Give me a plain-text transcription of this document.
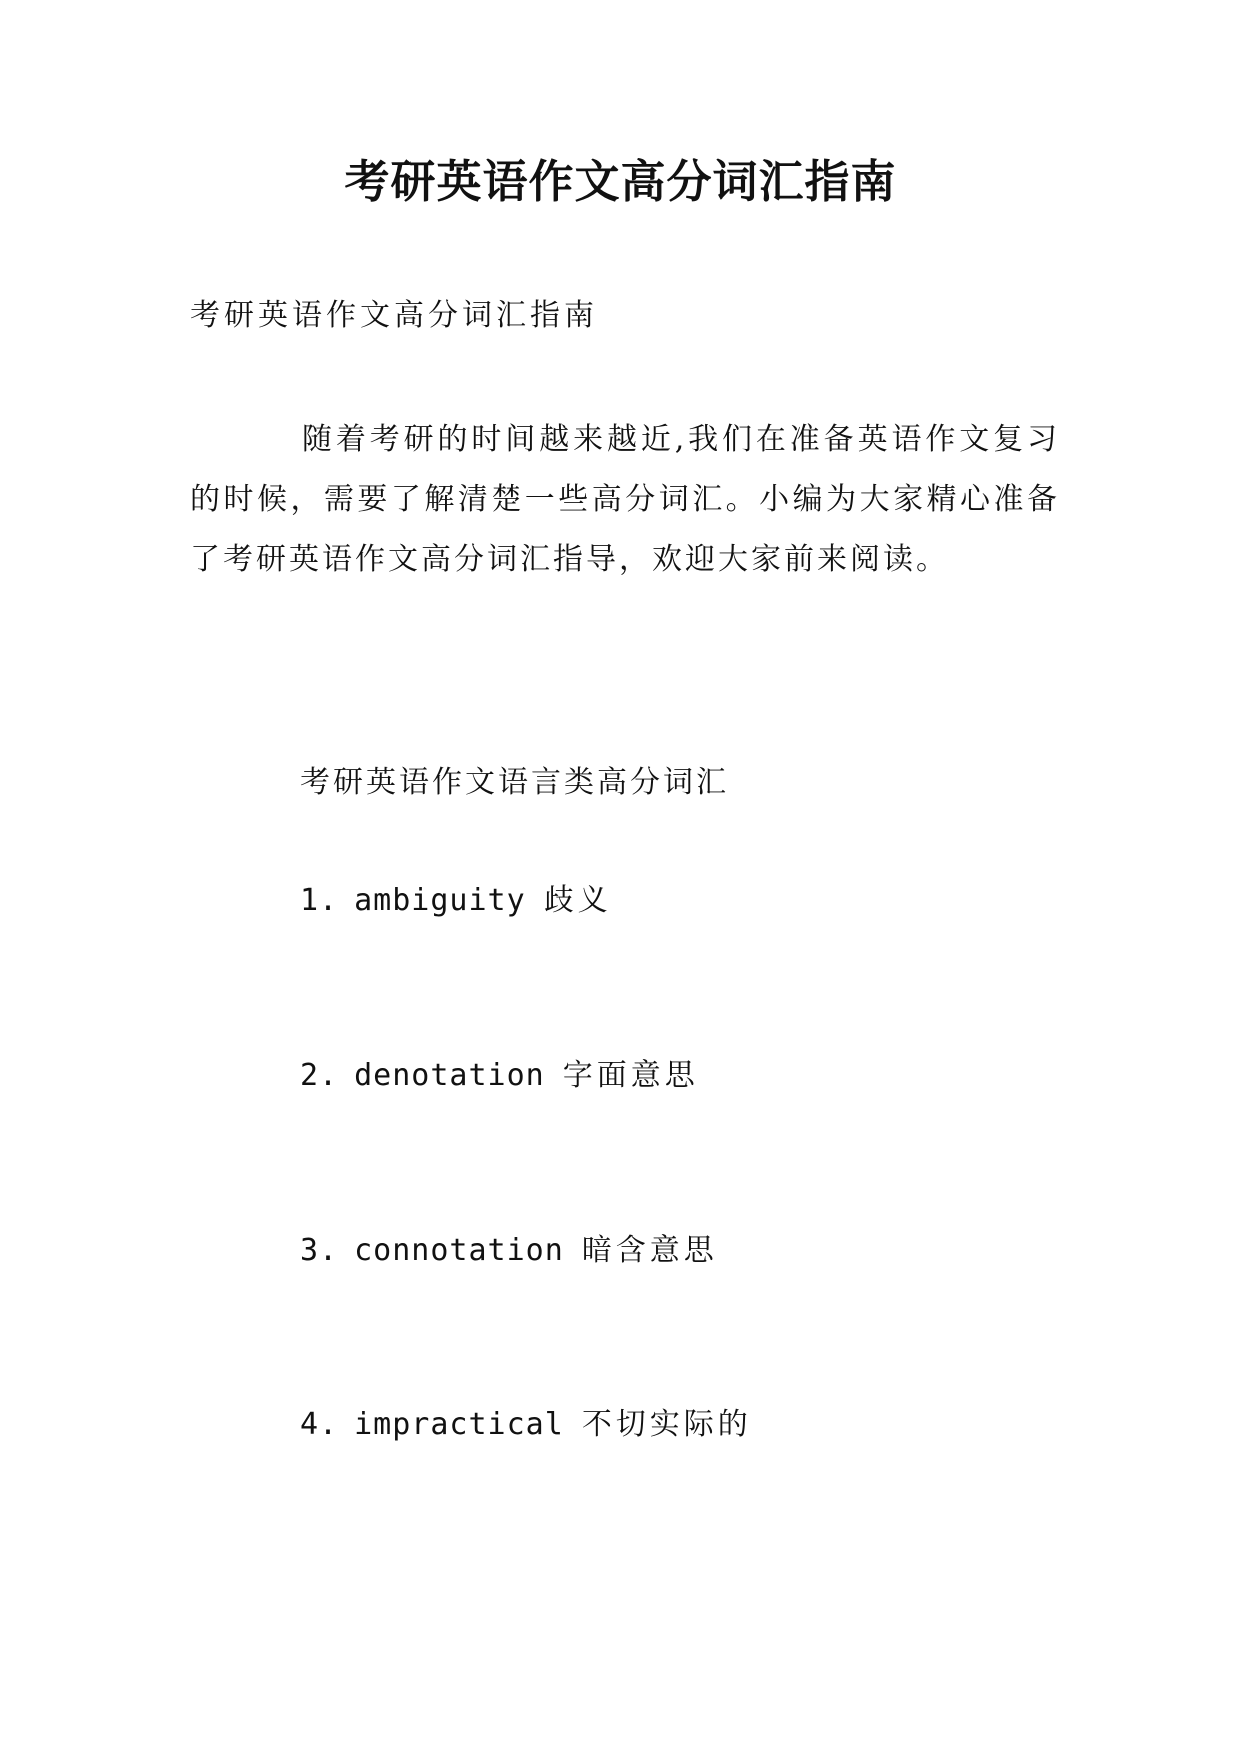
考研英语作文高分词汇指南

考研英语作文高分词汇指南

随着考研的时间越来越近,我们在准备英语作文复习的时候，需要了解清楚一些高分词汇。小编为大家精心准备了考研英语作文高分词汇指导，欢迎大家前来阅读。

考研英语作文语言类高分词汇

1. ambiguity 歧义

2. denotation 字面意思

3. connotation 暗含意思

4. impractical 不切实际的
